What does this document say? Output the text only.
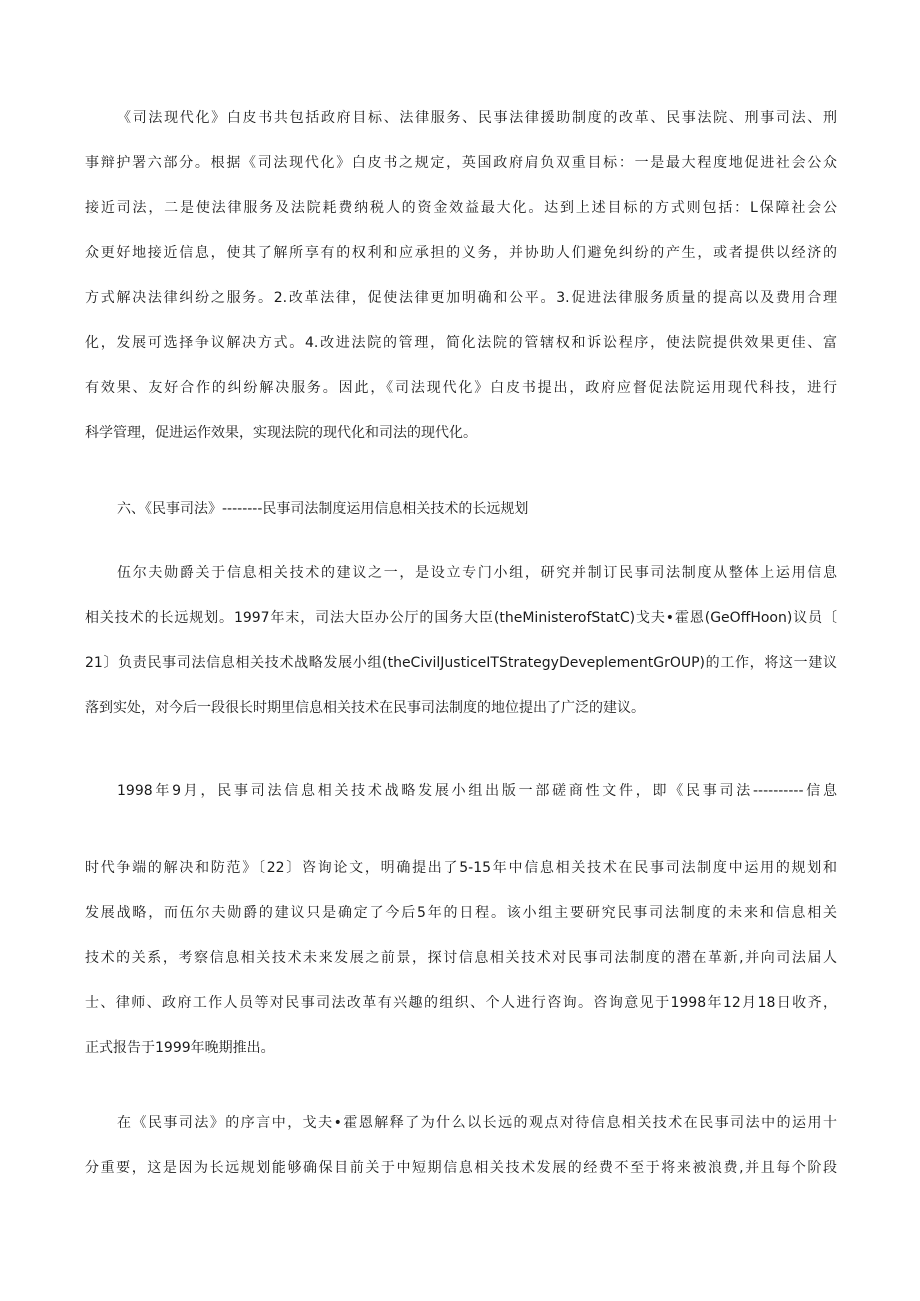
《司法现代化》白皮书共包括政府目标、法律服务、民事法律援助制度的改革、民事法院、刑事司法、刑
事辩护署六部分。根据《司法现代化》白皮书之规定，英国政府肩负双重目标：一是最大程度地促进社会公众
接近司法，二是使法律服务及法院耗费纳税人的资金效益最大化。达到上述目标的方式则包括：L保障社会公
众更好地接近信息，使其了解所享有的权利和应承担的义务，并协助人们避免纠纷的产生，或者提供以经济的
方式解决法律纠纷之服务。2.改革法律，促使法律更加明确和公平。3.促进法律服务质量的提高以及费用合理
化，发展可选择争议解决方式。4.改进法院的管理，简化法院的管辖权和诉讼程序，使法院提供效果更佳、富
有效果、友好合作的纠纷解决服务。因此，《司法现代化》白皮书提出，政府应督促法院运用现代科技，进行
科学管理，促进运作效果，实现法院的现代化和司法的现代化。
六、《民事司法》--------民事司法制度运用信息相关技术的长远规划
伍尔夫勋爵关于信息相关技术的建议之一，是设立专门小组，研究并制订民事司法制度从整体上运用信息
相关技术的长远规划。1997年末，司法大臣办公厅的国务大臣(theMinisterofStatC)戈夫•霍恩(GeOffHoon)议员〔
21〕负责民事司法信息相关技术战略发展小组(theCivilJusticeITStrategyDeveplementGrOUP)的工作，将这一建议
落到实处，对今后一段很长时期里信息相关技术在民事司法制度的地位提出了广泛的建议。
1998年9月，民事司法信息相关技术战略发展小组出版一部磋商性文件，即《民事司法----------信息
时代争端的解决和防范》〔22〕咨询论文，明确提出了5-15年中信息相关技术在民事司法制度中运用的规划和
发展战略，而伍尔夫勋爵的建议只是确定了今后5年的日程。该小组主要研究民事司法制度的未来和信息相关
技术的关系，考察信息相关技术未来发展之前景，探讨信息相关技术对民事司法制度的潜在革新,并向司法届人
士、律师、政府工作人员等对民事司法改革有兴趣的组织、个人进行咨询。咨询意见于1998年12月18日收齐，
正式报告于1999年晚期推出。
在《民事司法》的序言中，戈夫•霍恩解释了为什么以长远的观点对待信息相关技术在民事司法中的运用十
分重要，这是因为长远规划能够确保目前关于中短期信息相关技术发展的经费不至于将来被浪费,并且每个阶段
